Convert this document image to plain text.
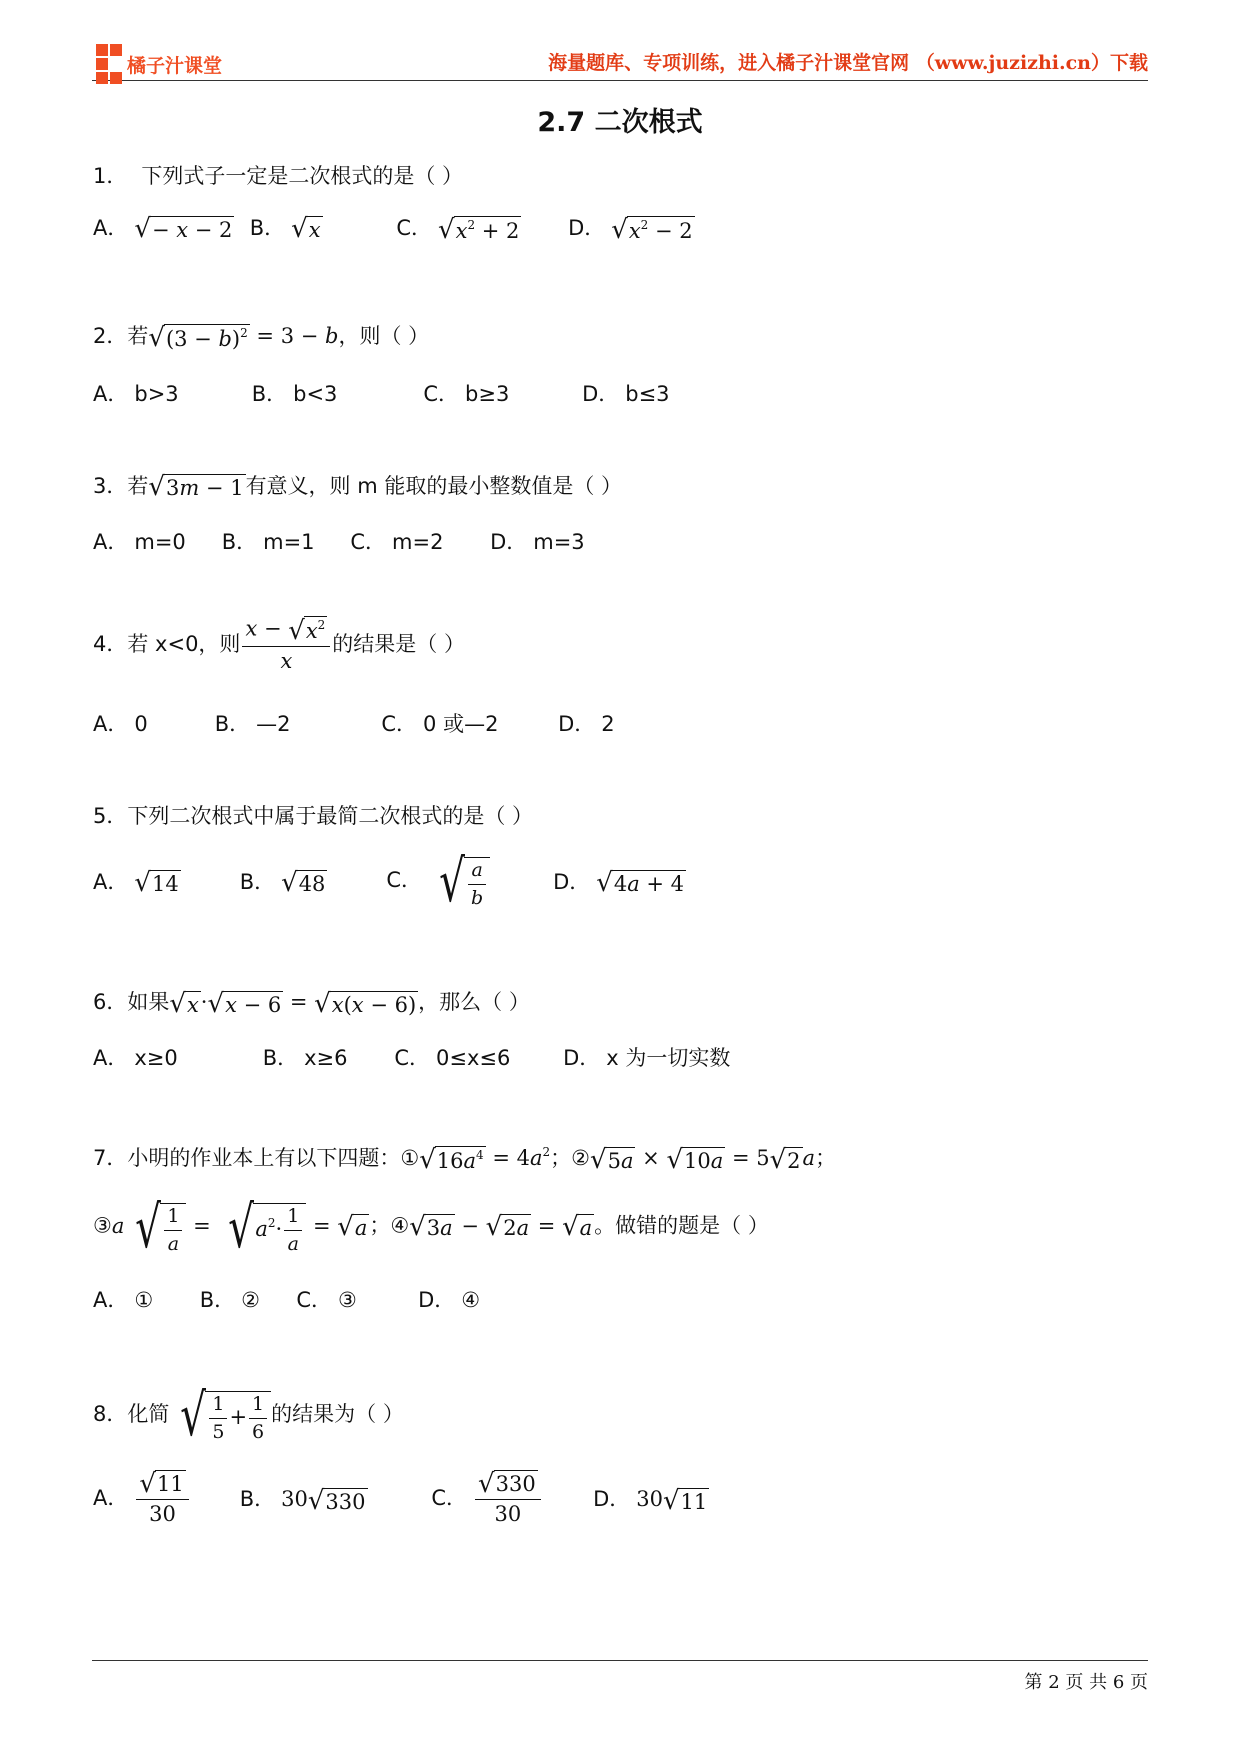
橘子汁课堂	海量题库、专项训练，进入橘子汁课堂官网 （www.juzizhi.cn）下载
2.7 二次根式
1． 下列式子一定是二次根式的是（ ）
A． √ − x − 2 B． √ x	C． √ $x^2 + 2$ D． √ $x^2 - 2$
2．若 √ $(3 - b)^2 = 3 - b$，则（ ）
A． b>3	B． b<3	C． b≥3	D． b≤3
3．若 √ 3m − 1 有意义，则 m 能取的最小整数值是（ ）
A． m=0 B． m=1 C． m=2 D． m=3
4．若 x<0，则 $\frac{x - √ x^2}{x}$ 的结果是（ ）
A． 0	B． —2	C． 0 或—2	D． 2
5．下列二次根式中属于最简二次根式的是（ ）
A． √ 14	B． √ 48	C． √ $\frac{a}{b}$	D． √ 4a + 4
6．如果 √ x · √ x − 6 = √ x(x − 6) ，那么（ ）
A． x≥0	B． x≥6 C． 0≤x≤6	D． x 为一切实数
7．小明的作业本上有以下四题：① √ $16a^4 = 4a^2$；② √ 5a × √ 10a = 5 √ 2 a；
③a √ $\frac{1}{a}$ = √ $a^2\cdot \frac{1}{a}$ = √ a ；④ √ 3a − √ 2a = √ a 。做错的题是（ ）
A． ① B． ② C． ③	D． ④
8．化简 √ $\frac{1}{5} + \frac{1}{6}$ 的结果为（ ）
A． $\frac{√ 11}{30}$ B． 30 √ 330	C． $\frac{√ 330}{30}$ D． 30 √ 11
第 2 页 共 6 页
